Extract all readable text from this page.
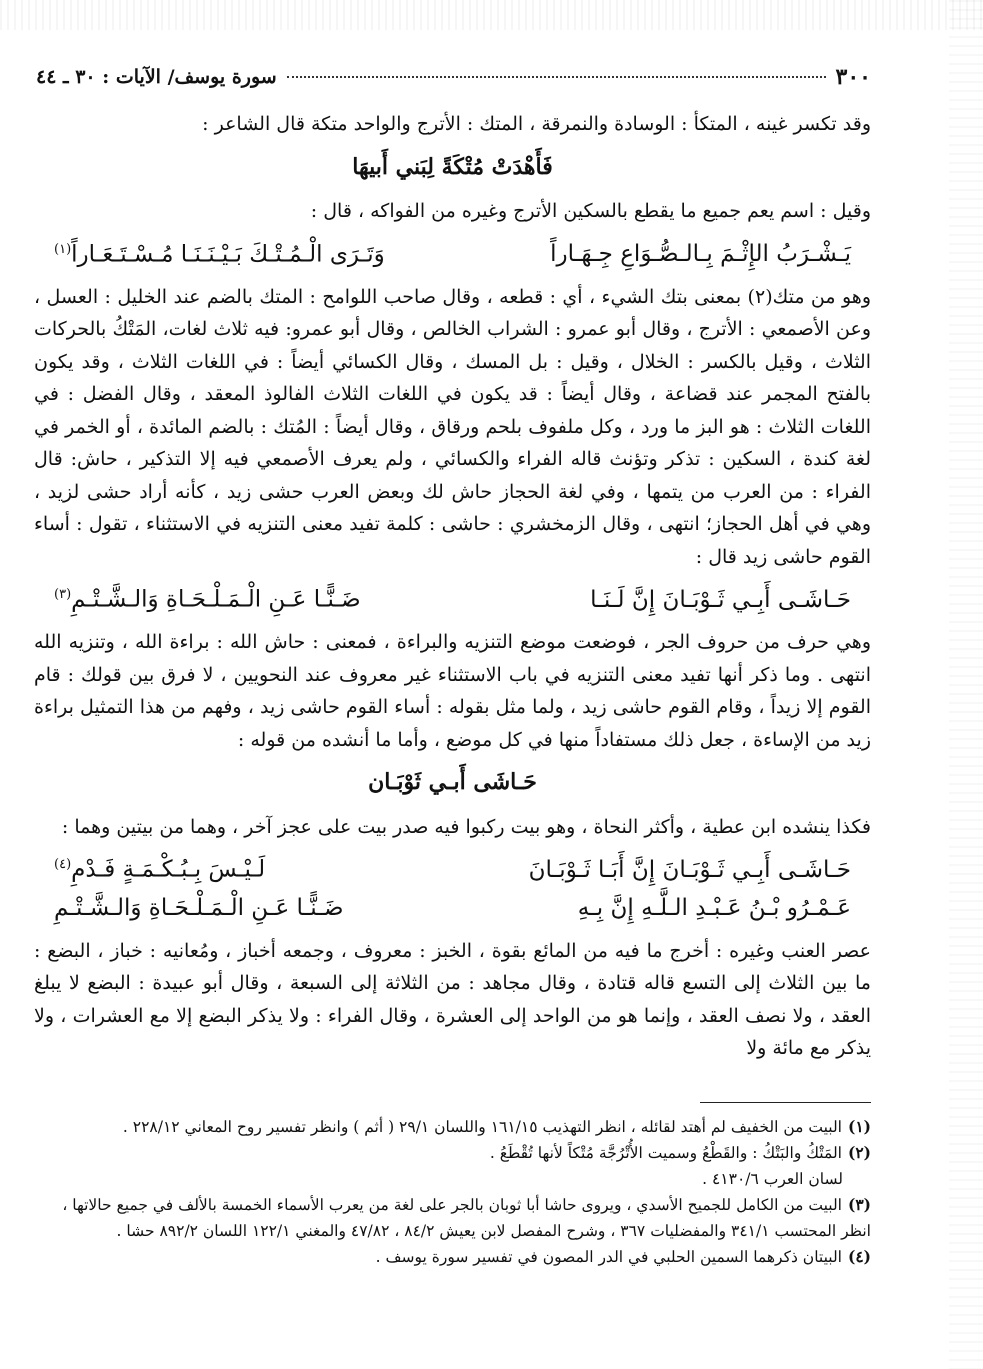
٣٠٠
سورة يوسف/ الآيات : ٣٠ ـ ٤٤

وقد تكسر غينه ، المتكأ : الوسادة والنمرقة ، المتك : الأترج والواحد متكة قال الشاعر :

فَأَهْدَتْ مُتْكَةً لِبَني أَبيهَا

وقيل : اسم يعم جميع ما يقطع بالسكين الأترج وغيره من الفواكه ، قال :

يَـشْـرَبُ الإِثْـمَ بِـالـصُّـوَاعِ جِـهَـاراً
وَتَـرَى الْـمُـتْـكَ بَـيْـنَـنَـا مُـسْـتَـعَـاراً$^{(١)}$

وهو من متك(٢) بمعنى بتك الشيء ، أي : قطعه ، وقال صاحب اللوامح : المتك بالضم عند الخليل : العسل ، وعن الأصمعي : الأترج ، وقال أبو عمرو : الشراب الخالص ، وقال أبو عمرو: فيه ثلاث لغات، المَتْكُ بالحركات الثلاث ، وقيل بالكسر : الخلال ، وقيل : بل المسك ، وقال الكسائي أيضاً : في اللغات الثلاث ، وقد يكون بالفتح المجمر عند قضاعة ، وقال أيضاً : قد يكون في اللغات الثلاث الفالوذ المعقد ، وقال الفضل : في اللغات الثلاث : هو البز ما ورد ، وكل ملفوف بلحم ورقاق ، وقال أيضاً : المُتك : بالضم المائدة ، أو الخمر في لغة كندة ، السكين : تذكر وتؤنث قاله الفراء والكسائي ، ولم يعرف الأصمعي فيه إلا التذكير ، حاش: قال الفراء : من العرب من يتمها ، وفي لغة الحجاز حاش لك وبعض العرب حشى زيد ، كأنه أراد حشى لزيد ، وهي في أهل الحجاز؛ انتهى ، وقال الزمخشري : حاشى : كلمة تفيد معنى التنزيه في الاستثناء ، تقول : أساء القوم حاشى زيد قال :

حَـاشَـى أَبِـي ثَـوْبَـانَ إِنَّ لَـنَـا
ضَـنًّـا عَـنِ الْـمَـلْـحَـاةِ وَالـشَّـتْـمِ$^{(٣)}$

وهي حرف من حروف الجر ، فوضعت موضع التنزيه والبراءة ، فمعنى : حاش الله : براءة الله ، وتنزيه الله انتهى . وما ذكر أنها تفيد معنى التنزيه في باب الاستثناء غير معروف عند النحويين ، لا فرق بين قولك : قام القوم إلا زيداً ، وقام القوم حاشى زيد ، ولما مثل بقوله : أساء القوم حاشى زيد ، وفهم من هذا التمثيل براءة زيد من الإساءة ، جعل ذلك مستفاداً منها في كل موضع ، وأما ما أنشده من قوله :

حَـاشَى أَبـي ثَوْبَـان

فكذا ينشده ابن عطية ، وأكثر النحاة ، وهو بيت ركبوا فيه صدر بيت على عجز آخر ، وهما من بيتين وهما :

حَـاشَـى أَبِـي ثَـوْبَـانَ إِنَّ أَبَـا ثَـوْبَـانَ
لَـيْـسَ بِـبُـكْـمَـةٍ فَـدْمِ$^{(٤)}$
عَـمْـرُو بْـنُ عَـبْـدِ الـلَّـهِ إِنَّ بِـهِ
ضَـنًّـا عَـنِ الْـمَـلْـحَـاةِ وَالـشَّـتْـمِ

عصر العنب وغيره : أخرج ما فيه من المائع بقوة ، الخبز : معروف ، وجمعه أخباز ، ومُعانيه : خباز ، البضع : ما بين الثلاث إلى التسع قاله قتادة ، وقال مجاهد : من الثلاثة إلى السبعة ، وقال أبو عبيدة : البضع لا يبلغ العقد ، ولا نصف العقد ، وإنما هو من الواحد إلى العشرة ، وقال الفراء : ولا يذكر البضع إلا مع العشرات ، ولا يذكر مع مائة ولا

(١)البيت من الخفيف لم أهتد لقائله ، انظر التهذيب ١٦١/١٥ واللسان ٢٩/١ ( أثم ) وانظر تفسير روح المعاني ٢٢٨/١٢ .

(٢)المَتْكُ والبَتْكُ : والقَطْعُ وسميت الأُتْرُجَّة مُتْكاً لأنها تُقْطَعُ .

لسان العرب ٤١٣٠/٦ .

(٣)البيت من الكامل للجميح الأسدي ، ويروى حاشا أبا ثوبان بالجر على لغة من يعرب الأسماء الخمسة بالألف في جميع حالاتها ، انظر المحتسب ٣٤١/١ والمفضليات ٣٦٧ ، وشرح المفصل لابن يعيش ٨٤/٢ ، ٤٧/٨٢ والمغني ١٢٢/١ اللسان ٨٩٢/٢ حشا .

(٤)البيتان ذكرهما السمين الحلبي في الدر المصون في تفسير سورة يوسف .
